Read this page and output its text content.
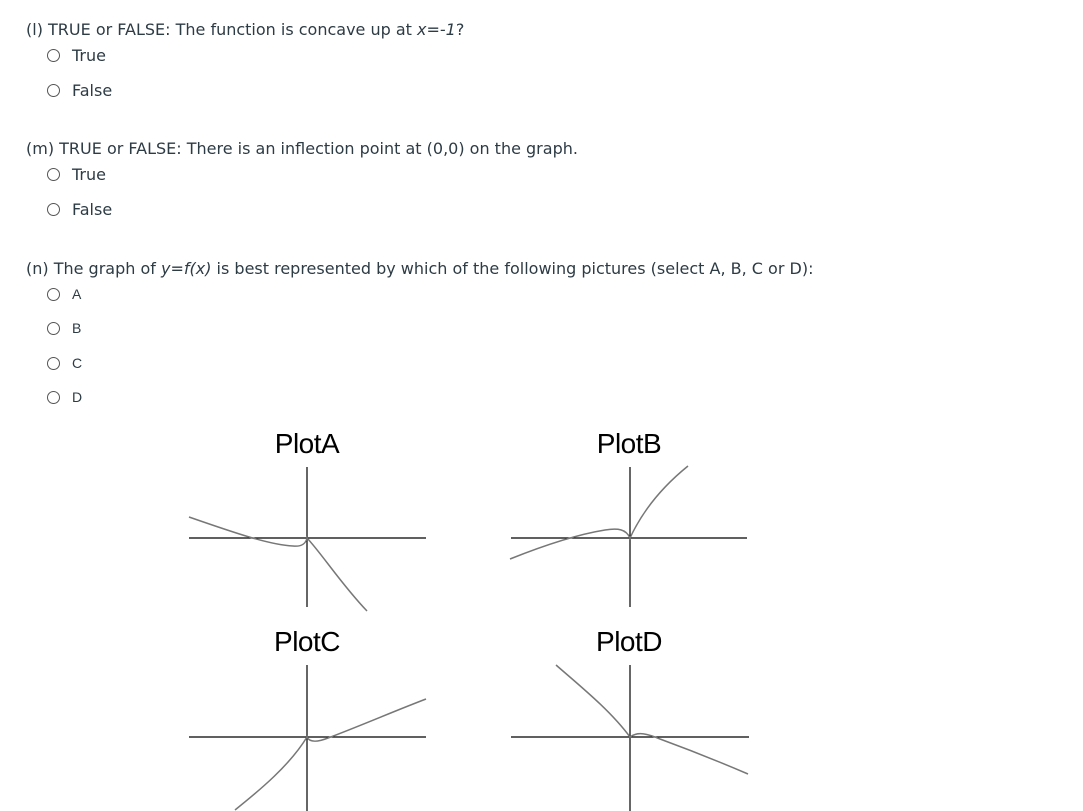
(l) TRUE or FALSE: The function is concave up at x=-1?
True
False
(m) TRUE or FALSE: There is an inflection point at (0,0) on the graph.
True
False
(n) The graph of y=f(x) is best represented by which of the following pictures (select A, B, C or D):
A
B
C
D
PlotA	PlotB
PlotC	PlotD
